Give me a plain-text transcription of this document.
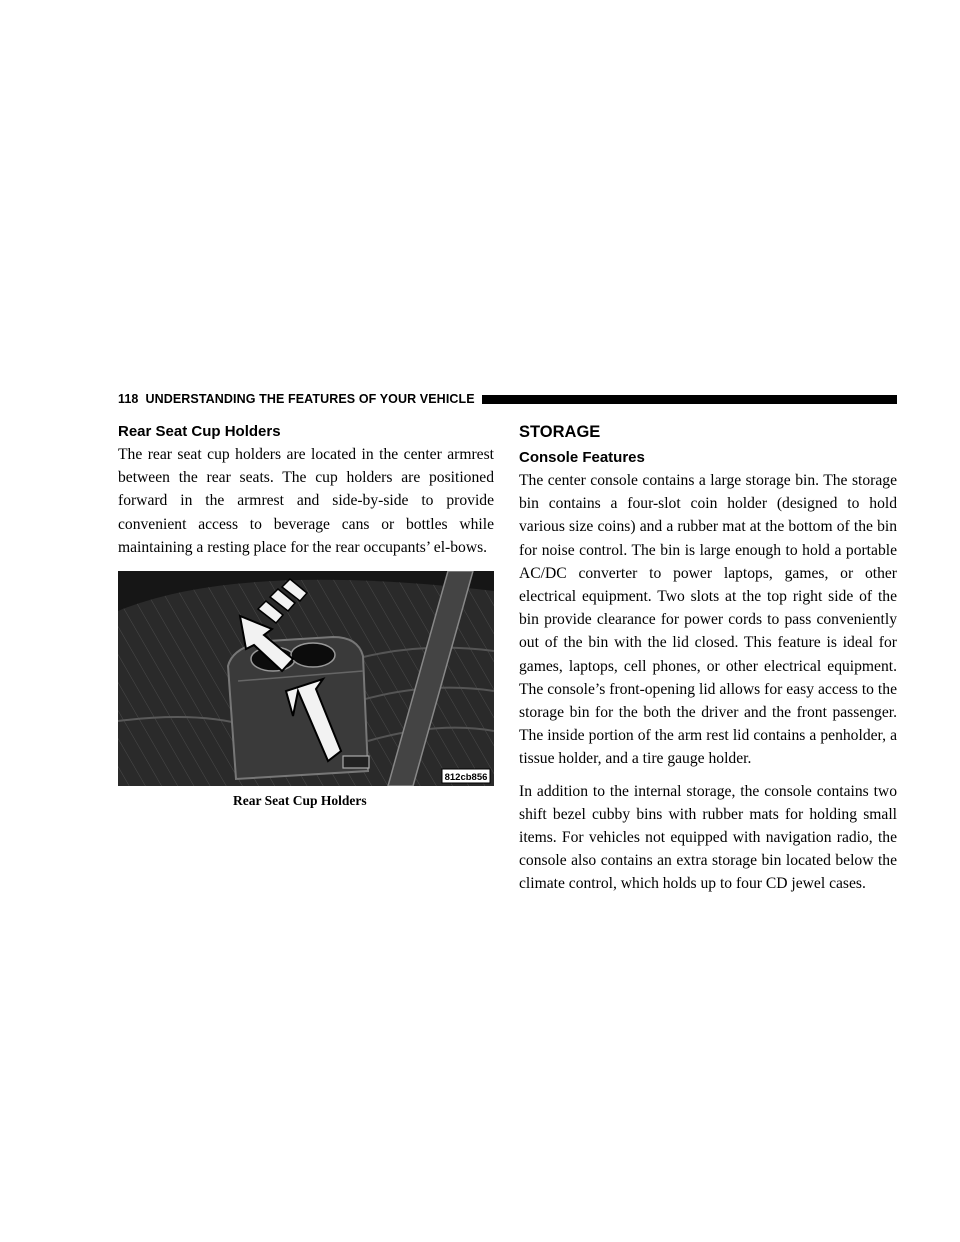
118 UNDERSTANDING THE FEATURES OF YOUR VEHICLE
Rear Seat Cup Holders

The rear seat cup holders are located in the center armrest between the rear seats. The cup holders are positioned forward in the armrest and side-by-side to provide convenient access to beverage cans or bottles while maintaining a resting place for the rear occupants’ el-bows.

812cb856
Rear Seat Cup Holders
STORAGE
Console Features

The center console contains a large storage bin. The storage bin contains a four-slot coin holder (designed to hold various size coins) and a rubber mat at the bottom of the bin for noise control. The bin is large enough to hold a portable AC/DC converter to power laptops, games, or other electrical equipment. Two slots at the top right side of the bin provide clearance for power cords to pass conveniently out of the bin with the lid closed. This feature is ideal for games, laptops, cell phones, or other electrical equipment. The console’s front-opening lid allows for easy access to the storage bin for the both the driver and the front passenger. The inside portion of the arm rest lid contains a penholder, a tissue holder, and a tire gauge holder.

In addition to the internal storage, the console contains two shift bezel cubby bins with rubber mats for holding small items. For vehicles not equipped with navigation radio, the console also contains an extra storage bin located below the climate control, which holds up to four CD jewel cases.
